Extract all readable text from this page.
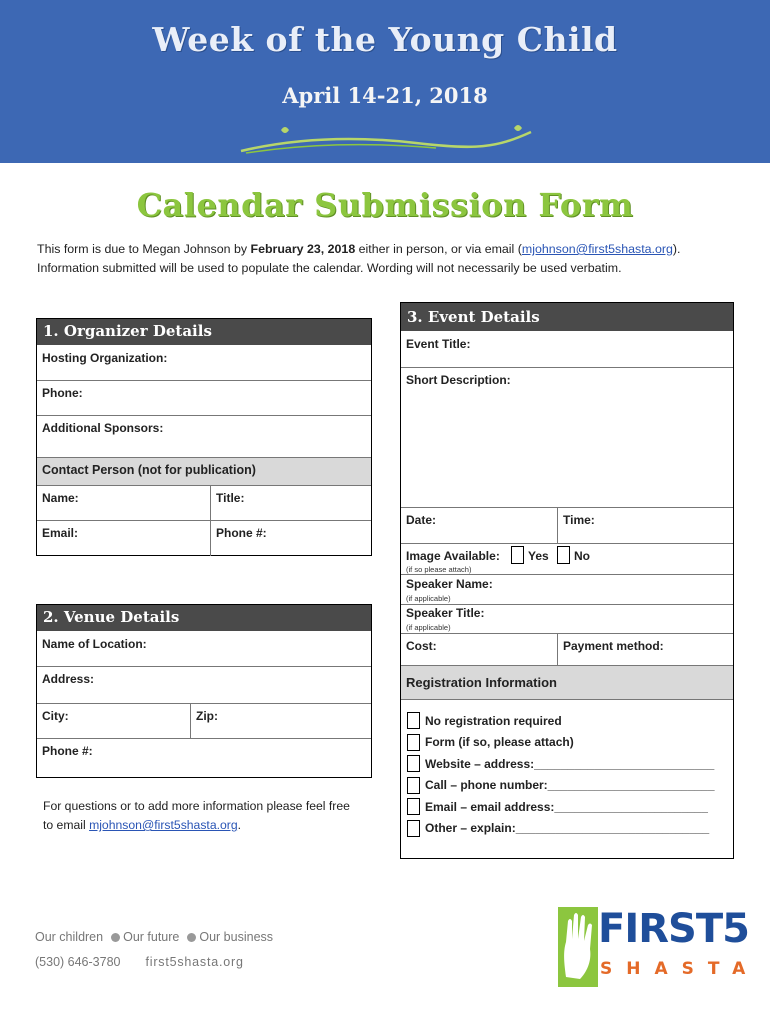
Week of the Young Child
April 14-21, 2018
Calendar Submission Form
This form is due to Megan Johnson by February 23, 2018 either in person, or via email (mjohnson@first5shasta.org). Information submitted will be used to populate the calendar. Wording will not necessarily be used verbatim.
1. Organizer Details
Hosting Organization:
Phone:
Additional Sponsors:
Contact Person (not for publication)
Name:	Title:
Email:	Phone #:
2. Venue Details
Name of Location:
Address:
City:	Zip:
Phone #:
3. Event Details
Event Title:
Short Description:
Date:	Time:
Image Available: Yes No
(if so please attach)
Speaker Name:
(if applicable)
Speaker Title:
(if applicable)
Cost:	Payment method:
Registration Information
No registration required
Form (if so, please attach)
Website – address:___________________________
Call – phone number:_________________________
Email – email address:_______________________
Other – explain:_____________________________
For questions or to add more information please feel free to email mjohnson@first5shasta.org.
Our children Our future Our business
(530) 646-3780 first5shasta.org
FIRST5
SHASTA
